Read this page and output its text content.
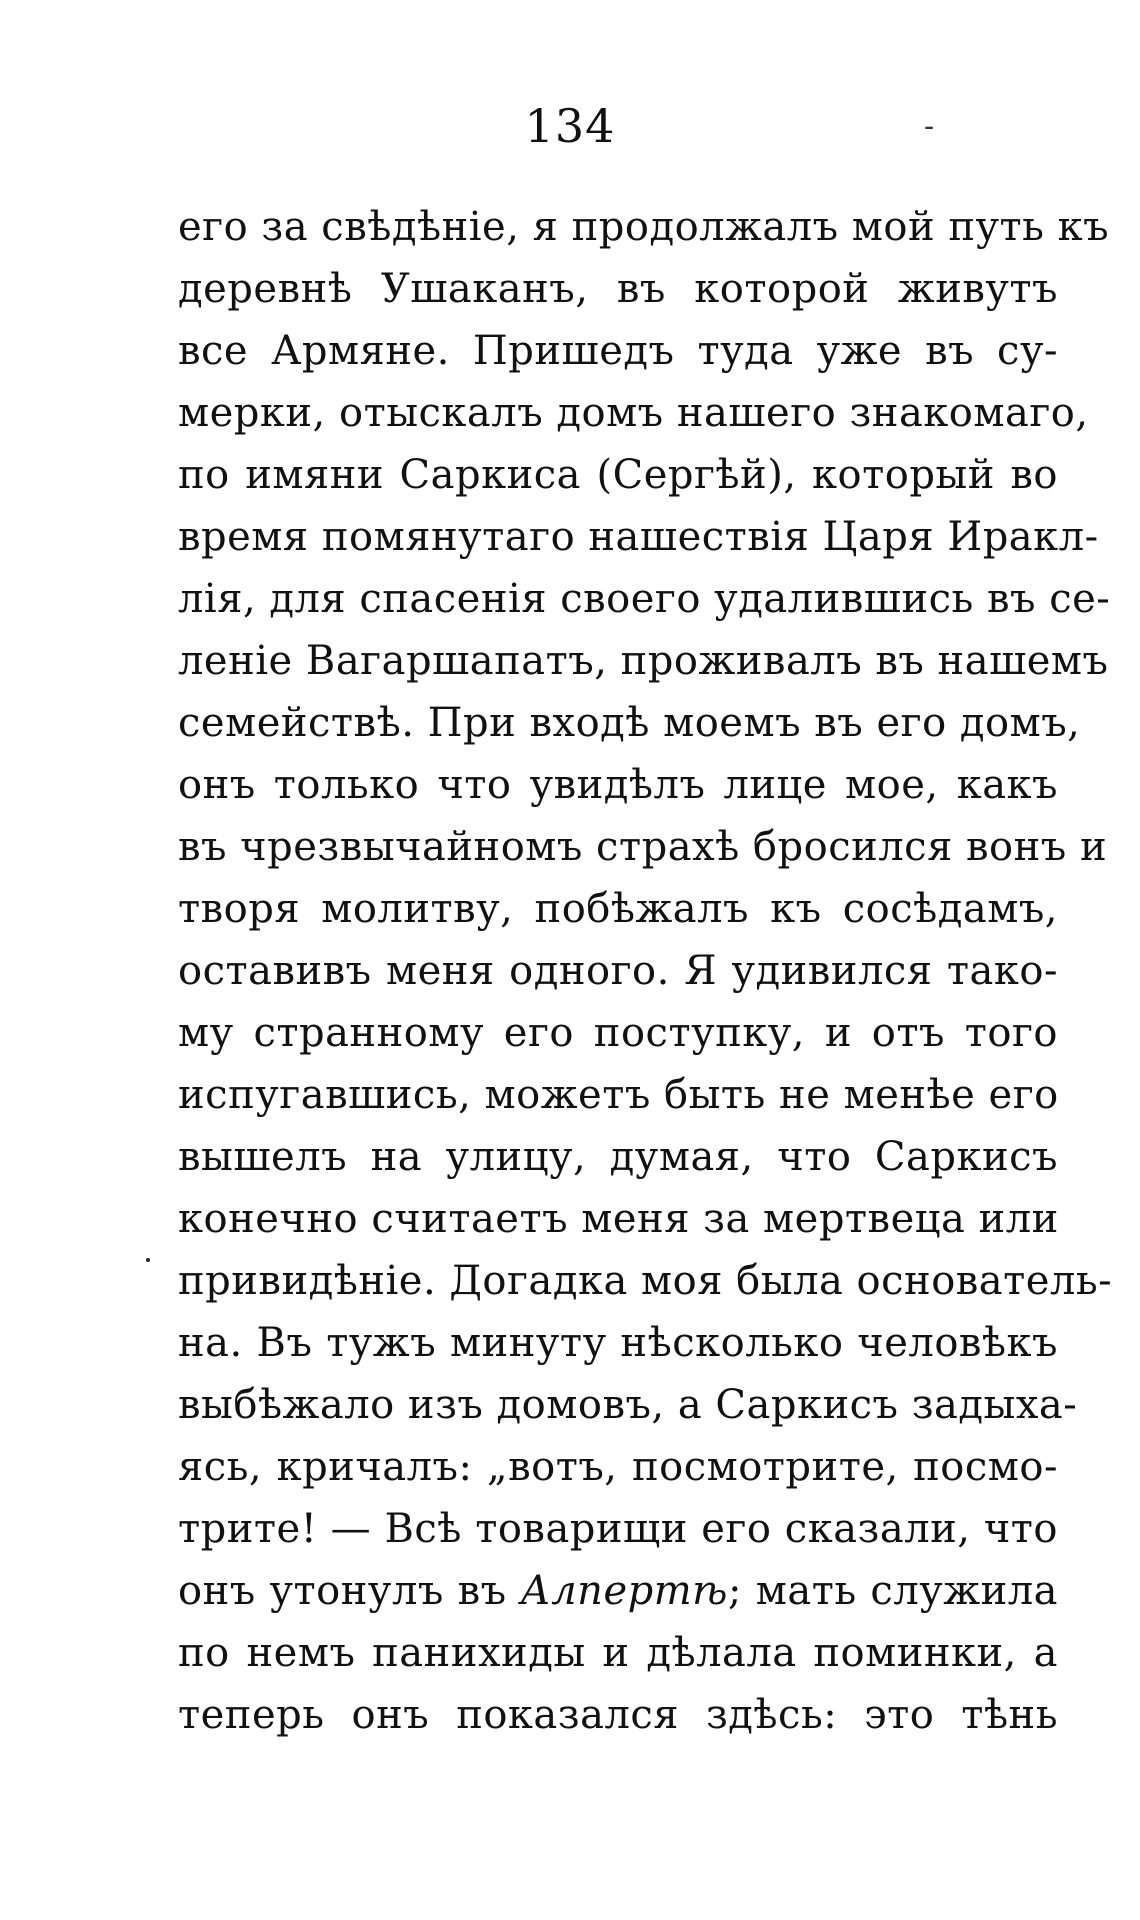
134	-
его за свѣдѣніе, я продолжалъ мой путь къ
деревнѣ Ушаканъ, въ которой живутъ
все Армяне. Пришедъ туда уже въ су-
мерки, отыскалъ домъ нашего знакомаго,
по имяни Саркиса (Сергѣй), который во
время помянутаго нашествія Царя Иракл-
лія, для спасенія своего удалившись въ се-
леніе Вагаршапатъ, проживалъ въ нашемъ
семействѣ. При входѣ моемъ въ его домъ,
онъ только что увидѣлъ лице мое, какъ
въ чрезвычайномъ страхѣ бросился вонъ и
творя молитву, побѣжалъ къ сосѣдамъ,
оставивъ меня одного. Я удивился тако-
му странному его поступку, и отъ того
испугавшись, можетъ быть не менѣе его
вышелъ на улицу, думая, что Саркисъ
конечно считаетъ меня за мертвеца или
привидѣніе. Догадка моя была основатель-
на. Въ тужъ минуту нѣсколько человѣкъ
выбѣжало изъ домовъ, а Саркисъ задыха-
ясь, кричалъ: „вотъ, посмотрите, посмо-
трите! — Всѣ товарищи его сказали, что
онъ утонулъ въ Алпертѣ; мать служила
по немъ панихиды и дѣлала поминки, а
теперь онъ показался здѣсь: это тѣнь
